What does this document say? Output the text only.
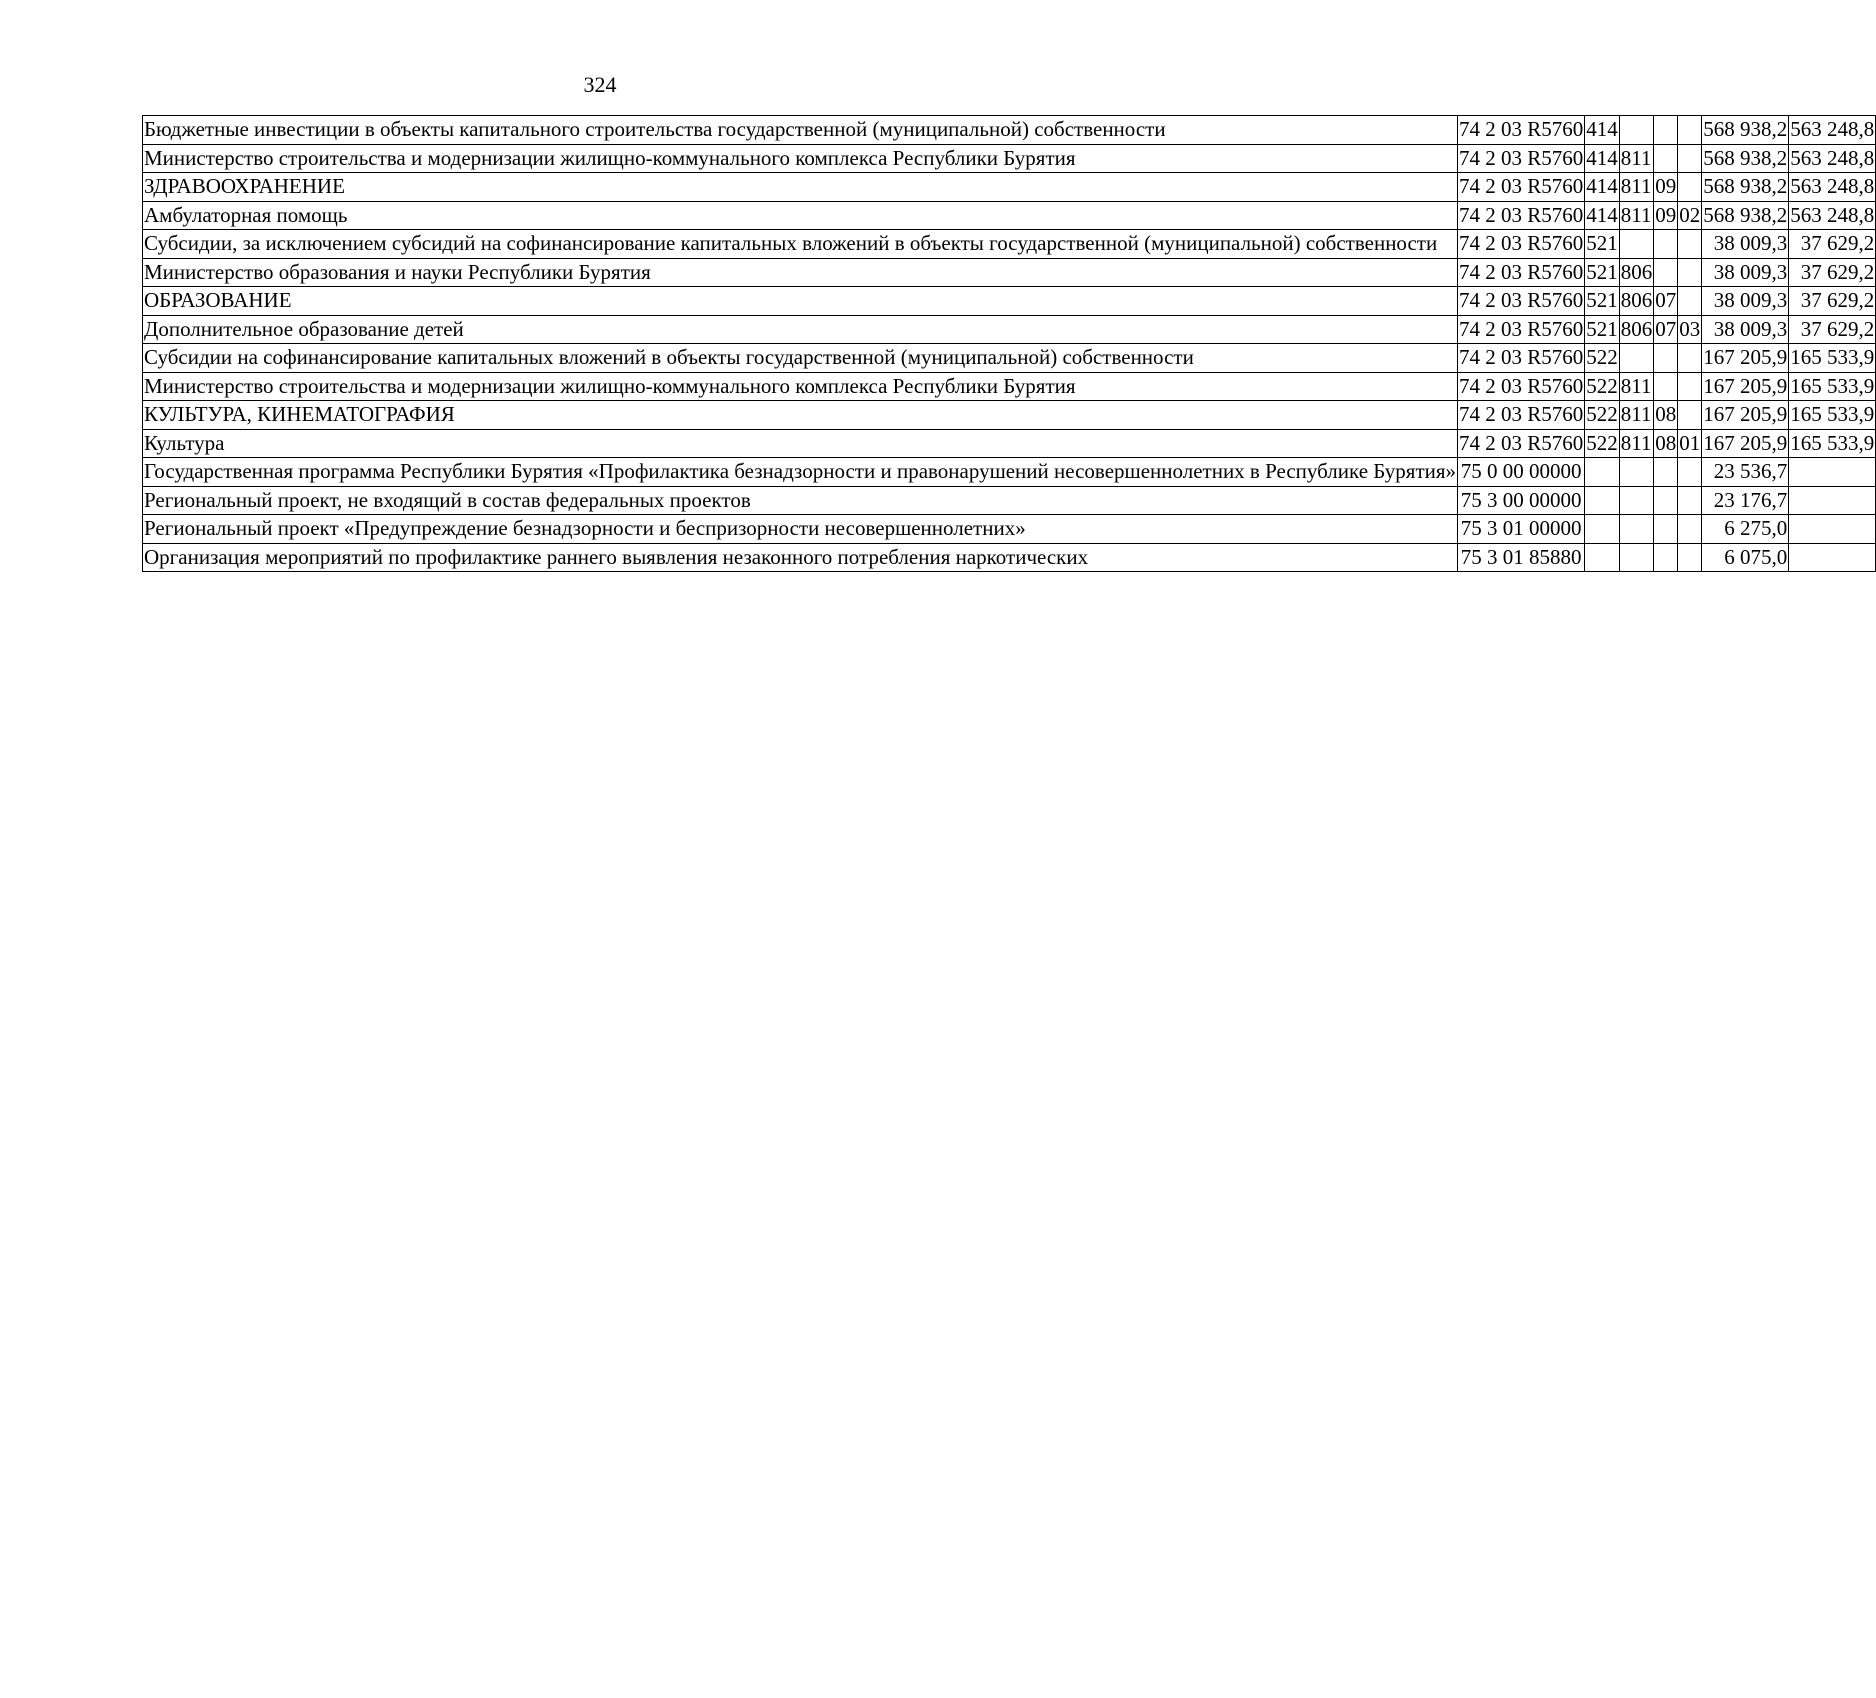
324
Бюджетные инвестиции в объекты капитального строительства государственной (муниципальной) собственности	74 2 03 R5760	414				568 938,2	563 248,8
Министерство строительства и модернизации жилищно-коммунального комплекса Республики Бурятия	74 2 03 R5760	414	811			568 938,2	563 248,8
ЗДРАВООХРАНЕНИЕ	74 2 03 R5760	414	811	09		568 938,2	563 248,8
Амбулаторная помощь	74 2 03 R5760	414	811	09	02	568 938,2	563 248,8
Субсидии, за исключением субсидий на софинансирование капитальных вложений в объекты государственной (муниципальной) собственности	74 2 03 R5760	521				38 009,3	37 629,2
Министерство образования и науки Республики Бурятия	74 2 03 R5760	521	806			38 009,3	37 629,2
ОБРАЗОВАНИЕ	74 2 03 R5760	521	806	07		38 009,3	37 629,2
Дополнительное образование детей	74 2 03 R5760	521	806	07	03	38 009,3	37 629,2
Субсидии на софинансирование капитальных вложений в объекты государственной (муниципальной) собственности	74 2 03 R5760	522				167 205,9	165 533,9
Министерство строительства и модернизации жилищно-коммунального комплекса Республики Бурятия	74 2 03 R5760	522	811			167 205,9	165 533,9
КУЛЬТУРА, КИНЕМАТОГРАФИЯ	74 2 03 R5760	522	811	08		167 205,9	165 533,9
Культура	74 2 03 R5760	522	811	08	01	167 205,9	165 533,9
Государственная программа Республики Бурятия «Профилактика безнадзорности и правонарушений несовершеннолетних в Республике Бурятия»	75 0 00 00000					23 536,7	
Региональный проект, не входящий в состав федеральных проектов	75 3 00 00000					23 176,7	
Региональный проект «Предупреждение безнадзорности и беспризорности несовершеннолетних»	75 3 01 00000					6 275,0	
Организация мероприятий по профилактике раннего выявления незаконного потребления наркотических	75 3 01 85880					6 075,0	
